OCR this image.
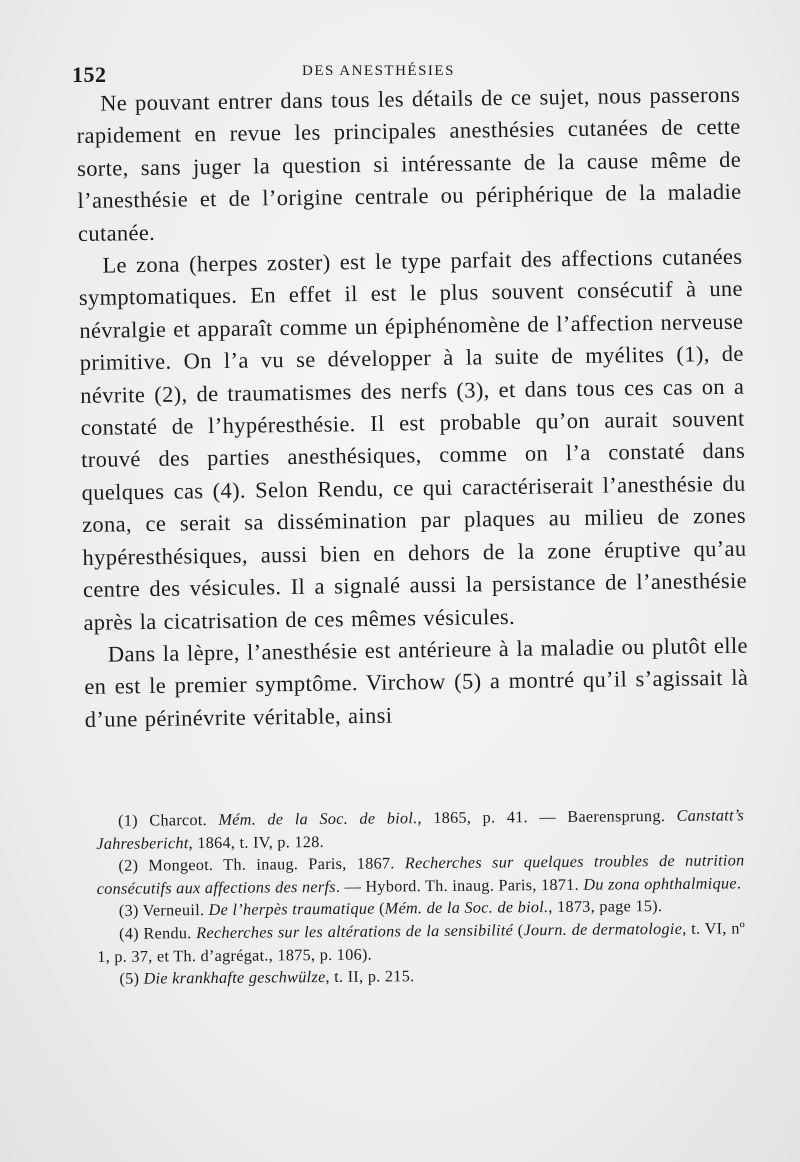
152	DES ANESTHÉSIES

Ne pouvant entrer dans tous les détails de ce sujet, nous passerons rapidement en revue les principales anesthésies cutanées de cette sorte, sans juger la question si intéressante de la cause même de l’anesthésie et de l’origine centrale ou périphérique de la maladie cutanée.

Le zona (herpes zoster) est le type parfait des affections cutanées symptomatiques. En effet il est le plus souvent consécutif à une névralgie et apparaît comme un épiphénomène de l’affection nerveuse primitive. On l’a vu se développer à la suite de myélites (1), de névrite (2), de traumatismes des nerfs (3), et dans tous ces cas on a constaté de l’hypéresthésie. Il est probable qu’on aurait souvent trouvé des parties anesthésiques, comme on l’a constaté dans quelques cas (4). Selon Rendu, ce qui caractériserait l’anesthésie du zona, ce serait sa dissémination par plaques au milieu de zones hypéresthésiques, aussi bien en dehors de la zone éruptive qu’au centre des vésicules. Il a signalé aussi la persistance de l’anesthésie après la cicatrisation de ces mêmes vésicules.

Dans la lèpre, l’anesthésie est antérieure à la maladie ou plutôt elle en est le premier symptôme. Virchow (5) a montré qu’il s’agissait là d’une périnévrite véritable, ainsi

(1) Charcot. Mém. de la Soc. de biol., 1865, p. 41. — Baerensprung. Canstatt’s Jahresbericht, 1864, t. IV, p. 128.

(2) Mongeot. Th. inaug. Paris, 1867. Recherches sur quelques troubles de nutrition consécutifs aux affections des nerfs. — Hybord. Th. inaug. Paris, 1871. Du zona ophthalmique.

(3) Verneuil. De l’herpès traumatique (Mém. de la Soc. de biol., 1873, page 15).

(4) Rendu. Recherches sur les altérations de la sensibilité (Journ. de dermatologie, t. VI, nº 1, p. 37, et Th. d’agrégat., 1875, p. 106).

(5) Die krankhafte geschwülze, t. II, p. 215.
